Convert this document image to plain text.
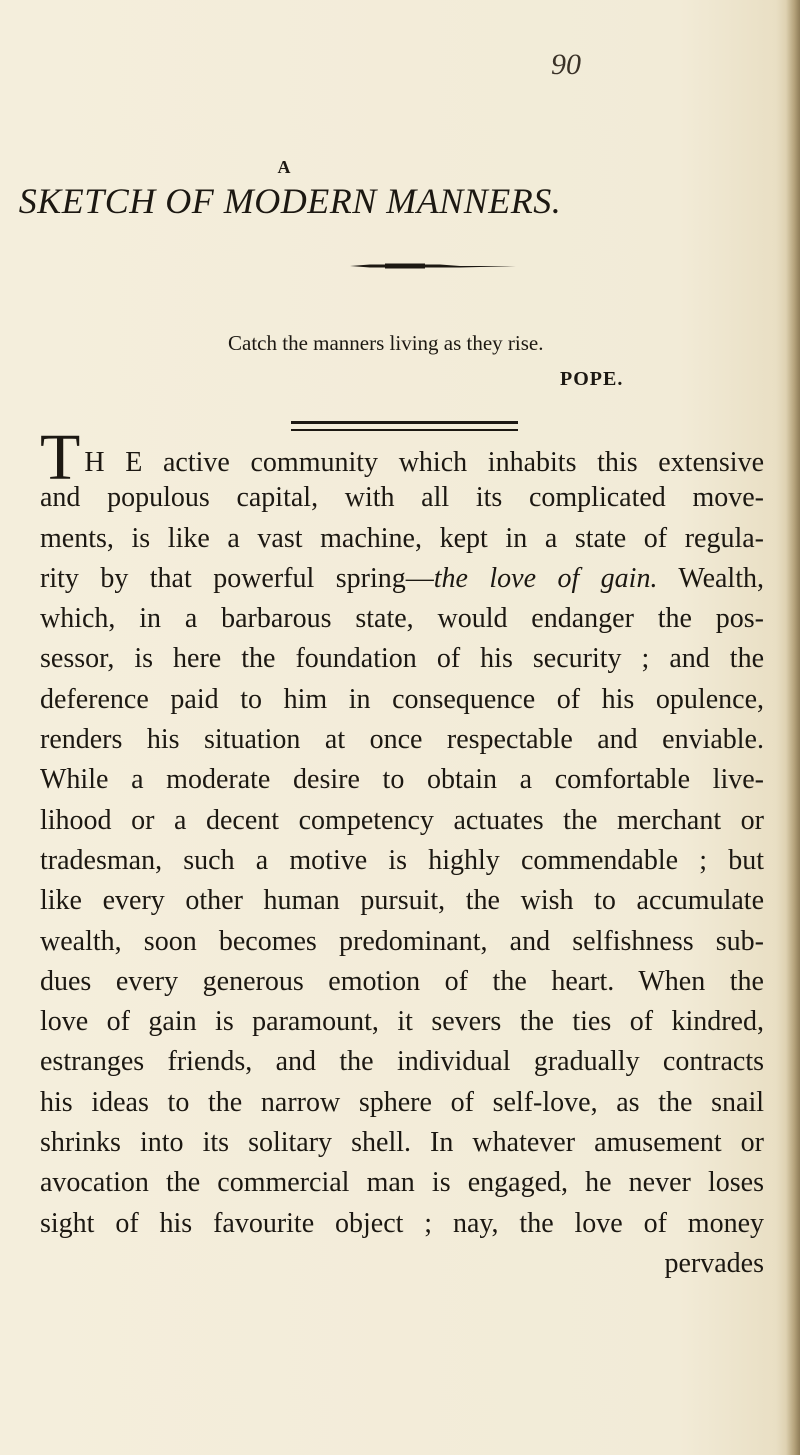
90
A
SKETCH OF MODERN MANNERS.
Catch the manners living as they rise.
POPE.
T H E active community which inhabits this extensive
and populous capital, with all its complicated move-
ments, is like a vast machine, kept in a state of regula-
rity by that powerful spring—the love of gain. Wealth,
which, in a barbarous state, would endanger the pos-
sessor, is here the foundation of his security ; and the
deference paid to him in consequence of his opulence,
renders his situation at once respectable and enviable.
While a moderate desire to obtain a comfortable live-
lihood or a decent competency actuates the merchant or
tradesman, such a motive is highly commendable ; but
like every other human pursuit, the wish to accumulate
wealth, soon becomes predominant, and selfishness sub-
dues every generous emotion of the heart. When the
love of gain is paramount, it severs the ties of kindred,
estranges friends, and the individual gradually contracts
his ideas to the narrow sphere of self-love, as the snail
shrinks into its solitary shell. In whatever amusement or
avocation the commercial man is engaged, he never loses
sight of his favourite object ; nay, the love of money
pervades
